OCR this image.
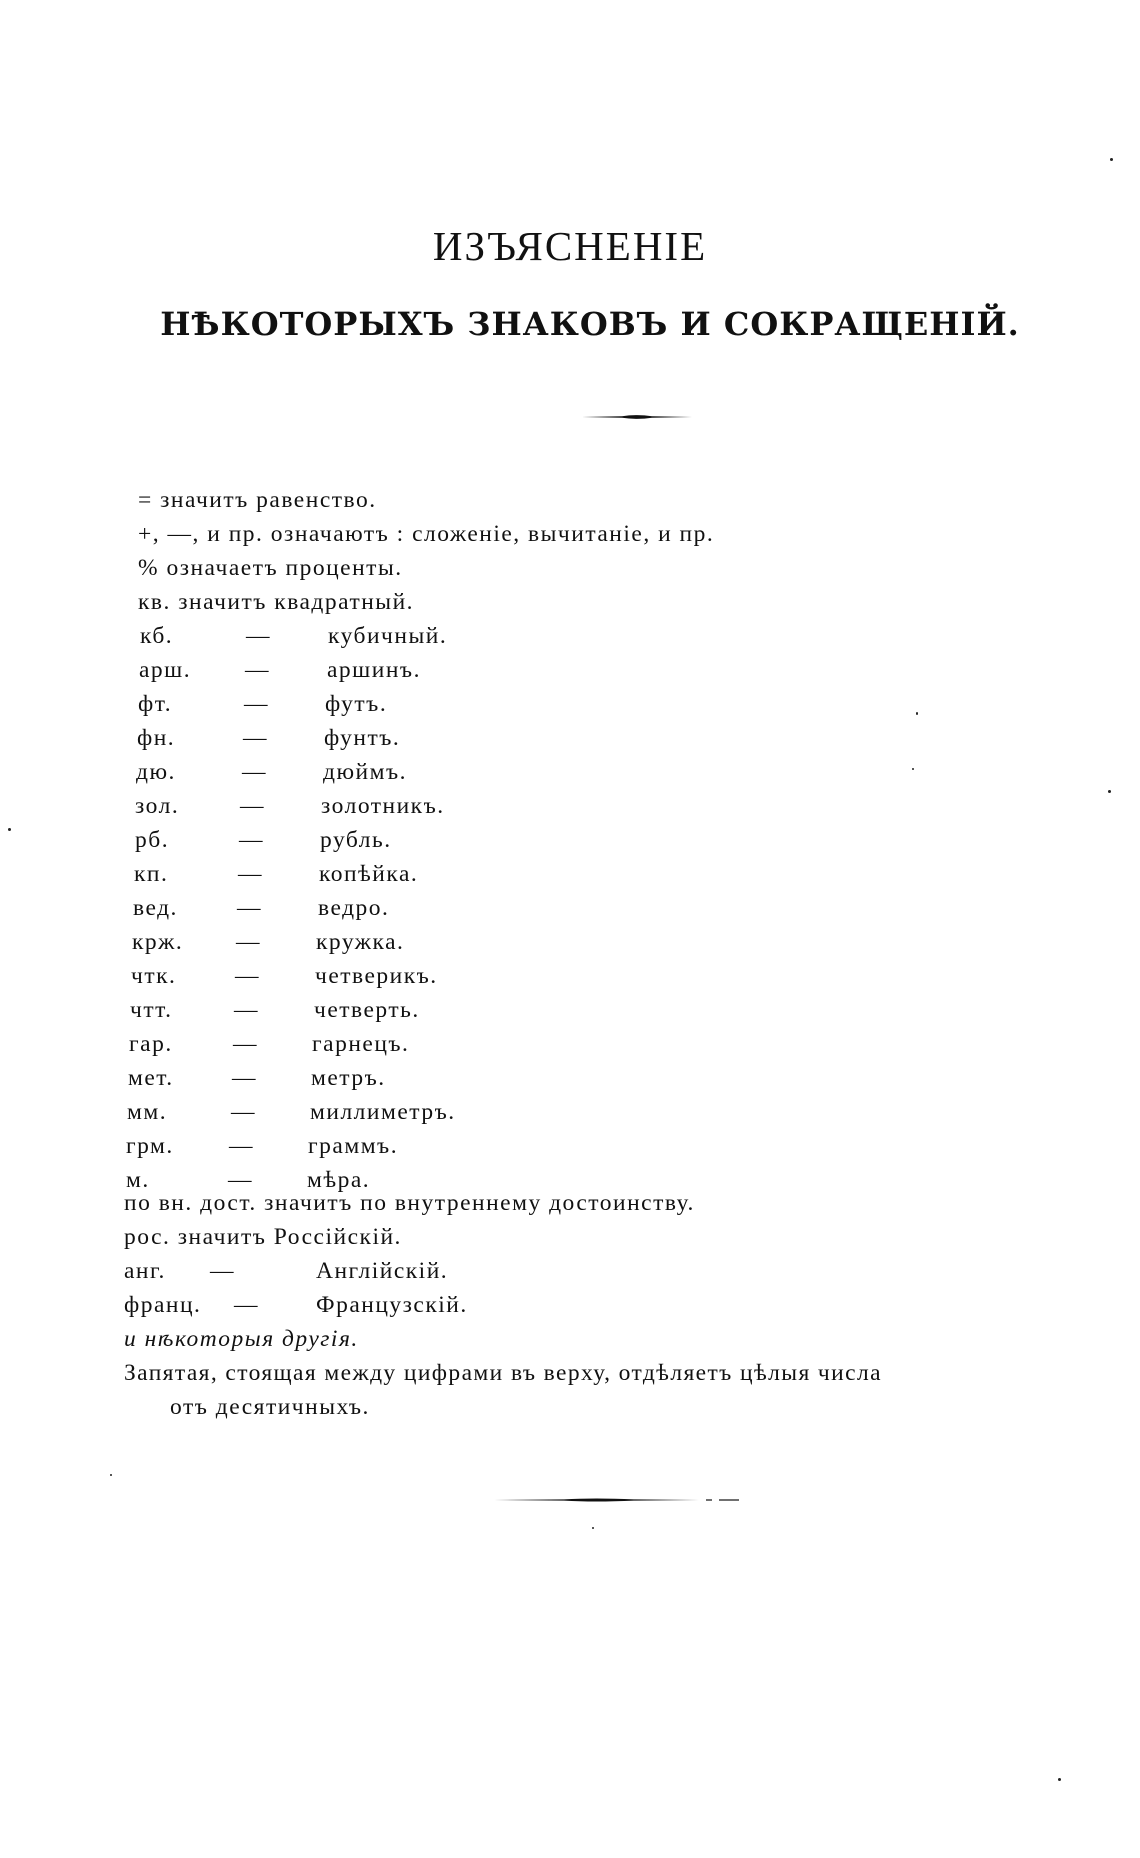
ИЗЪЯСНЕНІЕ
НѢКОТОРЫХЪ ЗНАКОВЪ И СОКРАЩЕНІЙ.
= значитъ равенство.
+, —, и пр. означаютъ : сложеніе, вычитаніе, и пр.
% означаетъ проценты.
кв. значитъ квадратный.
кб.	— кубичный.
арш. — аршинъ.
фт.	— футъ.
фн.	— фунтъ.
дю.	— дюймъ.
зол.	— золотникъ.
рб.	— рубль.
кп.	— копѣйка.
вед.	— ведро.
крж. — кружка.
чтк. — четверикъ.
чтт.	— четверть.
гар.	— гарнецъ.
мет. — метръ.
мм.	— миллиметръ.
грм. — граммъ.
м.	— мѣра.
по вн. дост. значитъ по внутреннему достоинству.
рос. значитъ Россійскій.
анг. —	Англійскій.
франц. — Французскій.
и нѣкоторыя другія.
Запятая, стоящая между цифрами въ верху, отдѣляетъ цѣлыя числа
отъ десятичныхъ.
